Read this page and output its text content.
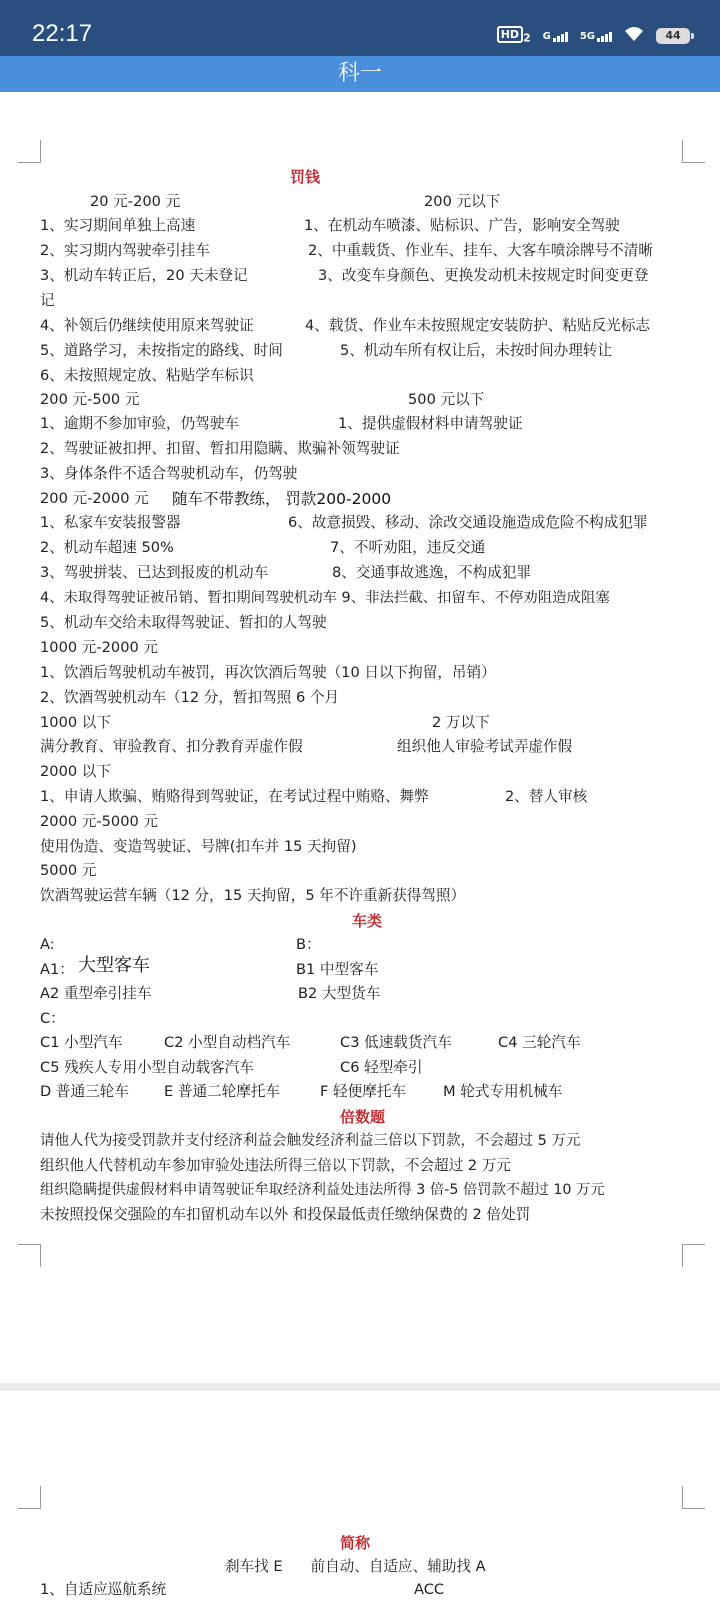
22:17	HD $_2$ G	5G	44
科一
罚钱
20 元-200 元	200 元以下
1、实习期间单独上高速	1、在机动车喷漆、贴标识、广告，影响安全驾驶
2、实习期内驾驶牵引挂车	2、中重载货、作业车、挂车、大客车喷涂牌号不清晰
3、机动车转正后，20 天未登记	3、改变车身颜色、更换发动机未按规定时间变更登
记
4、补领后仍继续使用原来驾驶证	4、载货、作业车未按照规定安装防护、粘贴反光标志
5、道路学习，未按指定的路线、时间	5、机动车所有权让后，未按时间办理转让
6、未按照规定放、粘贴学车标识
200 元-500 元	500 元以下
1、逾期不参加审验，仍驾驶车	1、提供虚假材料申请驾驶证
2、驾驶证被扣押、扣留、暂扣用隐瞒、欺骗补领驾驶证
3、身体条件不适合驾驶机动车，仍驾驶
200 元-2000 元 随车不带教练， 罚款200-2000
1、私家车安装报警器	6、故意损毁、移动、涂改交通设施造成危险不构成犯罪
2、机动车超速 50%	7、不听劝阻，违反交通
3、驾驶拼装、已达到报废的机动车	8、交通事故逃逸，不构成犯罪
4、未取得驾驶证被吊销、暂扣期间驾驶机动车 9、非法拦截、扣留车、不停劝阻造成阻塞
5、机动车交给未取得驾驶证、暂扣的人驾驶
1000 元-2000 元
1、饮酒后驾驶机动车被罚，再次饮酒后驾驶（10 日以下拘留，吊销）
2、饮酒驾驶机动车（12 分，暂扣驾照 6 个月
1000 以下	2 万以下
满分教育、审验教育、扣分教育弄虚作假	组织他人审验考试弄虚作假
2000 以下
1、申请人欺骗、贿赂得到驾驶证，在考试过程中贿赂、舞弊	2、替人审核
2000 元-5000 元
使用伪造、变造驾驶证、号牌(扣车并 15 天拘留)
5000 元
饮酒驾驶运营车辆（12 分，15 天拘留，5 年不许重新获得驾照）
车类
A:	B：
A1： 大型客车	B1 中型客车
A2 重型牵引挂车	B2 大型货车
C：
C1 小型汽车	C2 小型自动档汽车	C3 低速载货汽车	C4 三轮汽车
C5 残疾人专用小型自动载客汽车	C6 轻型牵引
D 普通三轮车 E 普通二轮摩托车	F 轻便摩托车	M 轮式专用机械车
倍数题
请他人代为接受罚款并支付经济利益会触发经济利益三倍以下罚款，不会超过 5 万元
组织他人代替机动车参加审验处违法所得三倍以下罚款，不会超过 2 万元
组织隐瞒提供虚假材料申请驾驶证牟取经济利益处违法所得 3 倍-5 倍罚款不超过 10 万元
未按照投保交强险的车扣留机动车以外 和投保最低责任缴纳保费的 2 倍处罚
简称
刹车找 E      前自动、自适应、辅助找 A
1、自适应巡航系统	ACC
